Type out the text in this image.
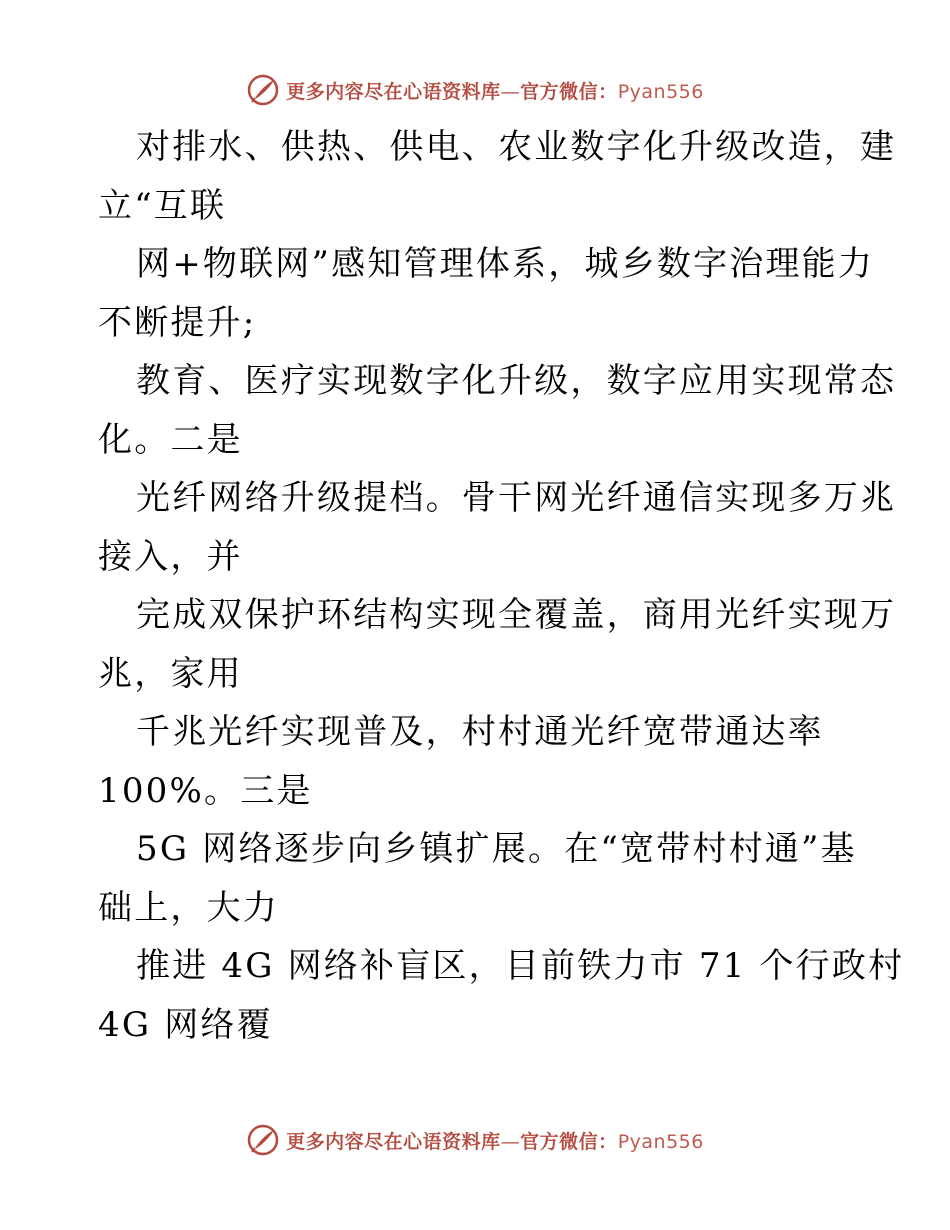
更多内容尽在心语资料库—官方微信：Pyan556
对排水、供热、供电、农业数字化升级改造，建
立“互联
网+物联网”感知管理体系，城乡数字治理能力
不断提升;
教育、医疗实现数字化升级，数字应用实现常态
化。二是
光纤网络升级提档。骨干网光纤通信实现多万兆
接入，并
完成双保护环结构实现全覆盖，商用光纤实现万
兆，家用
千兆光纤实现普及，村村通光纤宽带通达率
100%。三是
5G 网络逐步向乡镇扩展。在“宽带村村通”基
础上，大力
推进 4G 网络补盲区，目前铁力市 71 个行政村
4G 网络覆
更多内容尽在心语资料库—官方微信：Pyan556
